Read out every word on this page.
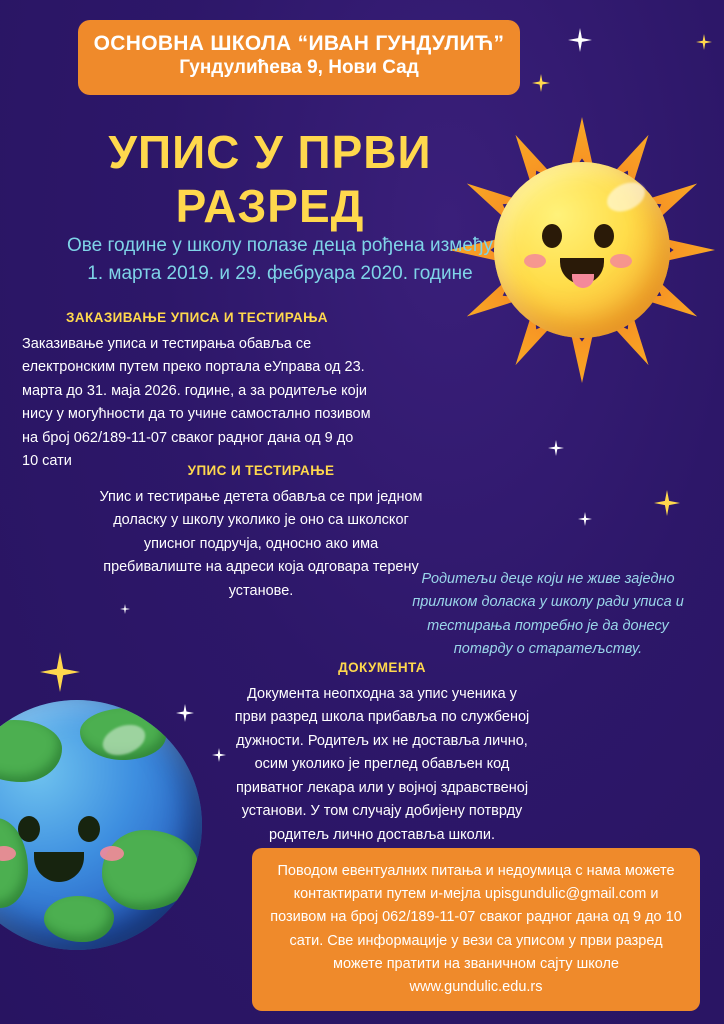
ОСНОВНА ШКОЛА “ИВАН ГУНДУЛИЋ”
Гундулићева 9, Нови Сад
УПИС У ПРВИ
РАЗРЕД
Ове године у школу полазе деца рођена између
1. марта 2019. и 29. фебруара 2020. године
ЗАКАЗИВАЊЕ УПИСА И ТЕСТИРАЊА
Заказивање уписа и тестирања обавља се електронским путем преко портала еУправа од 23. марта до 31. маја 2026. године, а за родитеље који нису у могућности да то учине самостално позивом на број 062/189-11-07 сваког радног дана од 9 до 10 сати
УПИС И ТЕСТИРАЊЕ
Упис и тестирање детета обавља се при једном доласку у школу уколико је оно са школског уписног подручја, односно ако има пребивалиште на адреси која одговара терену установе.
Родитељи деце који не живе заједно приликом доласка у школу ради уписа и тестирања потребно је да донесу потврду о старатељству.
ДОКУМЕНТА
Документа неопходна за упис ученика у први разред школа прибавља по службеној дужности. Родитељ их не доставља лично, осим уколико је преглед обављен код приватног лекара или у војној здравственој установи. У том случају добијену потврду родитељ лично доставља школи.
Поводом евентуалних питања и недоумица с нама можете контактирати путем и-мејла upisgundulic@gmail.com и позивом на број 062/189-11-07 сваког радног дана од 9 до 10 сати. Све информације у вези са уписом у први разред можете пратити на званичном сајту школе www.gundulic.edu.rs
